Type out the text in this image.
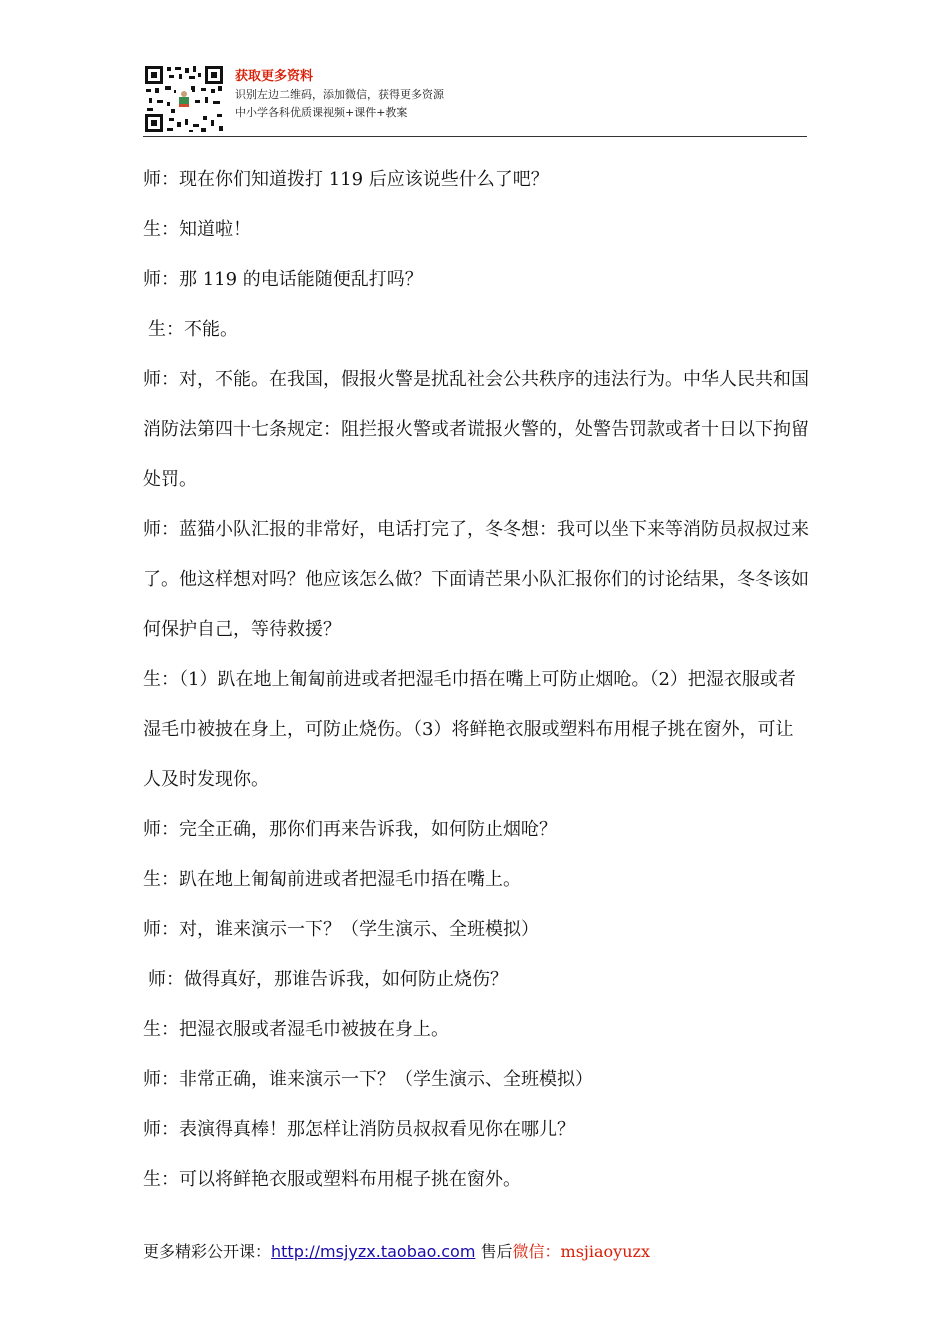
获取更多资料
识别左边二维码，添加微信，获得更多资源
中小学各科优质课视频+课件+教案

师：现在你们知道拨打 119 后应该说些什么了吧？

生：知道啦！

师：那 119 的电话能随便乱打吗？

生：不能。

师：对，不能。在我国，假报火警是扰乱社会公共秩序的违法行为。中华人民共和国消防法第四十七条规定：阻拦报火警或者谎报火警的，处警告罚款或者十日以下拘留处罚。

师：蓝猫小队汇报的非常好，电话打完了，冬冬想：我可以坐下来等消防员叔叔过来了。他这样想对吗？他应该怎么做？下面请芒果小队汇报你们的讨论结果，冬冬该如何保护自己，等待救援？

生：（1）趴在地上匍匐前进或者把湿毛巾捂在嘴上可防止烟呛。（2）把湿衣服或者湿毛巾被披在身上，可防止烧伤。（3）将鲜艳衣服或塑料布用棍子挑在窗外，可让人及时发现你。

师：完全正确，那你们再来告诉我，如何防止烟呛？

生：趴在地上匍匐前进或者把湿毛巾捂在嘴上。

师：对，谁来演示一下？（学生演示、全班模拟）

师：做得真好，那谁告诉我，如何防止烧伤？

生：把湿衣服或者湿毛巾被披在身上。

师：非常正确，谁来演示一下？（学生演示、全班模拟）

师：表演得真棒！那怎样让消防员叔叔看见你在哪儿？

生：可以将鲜艳衣服或塑料布用棍子挑在窗外。

更多精彩公开课：http://msjyzx.taobao.com 售后微信：msjiaoyuzx
